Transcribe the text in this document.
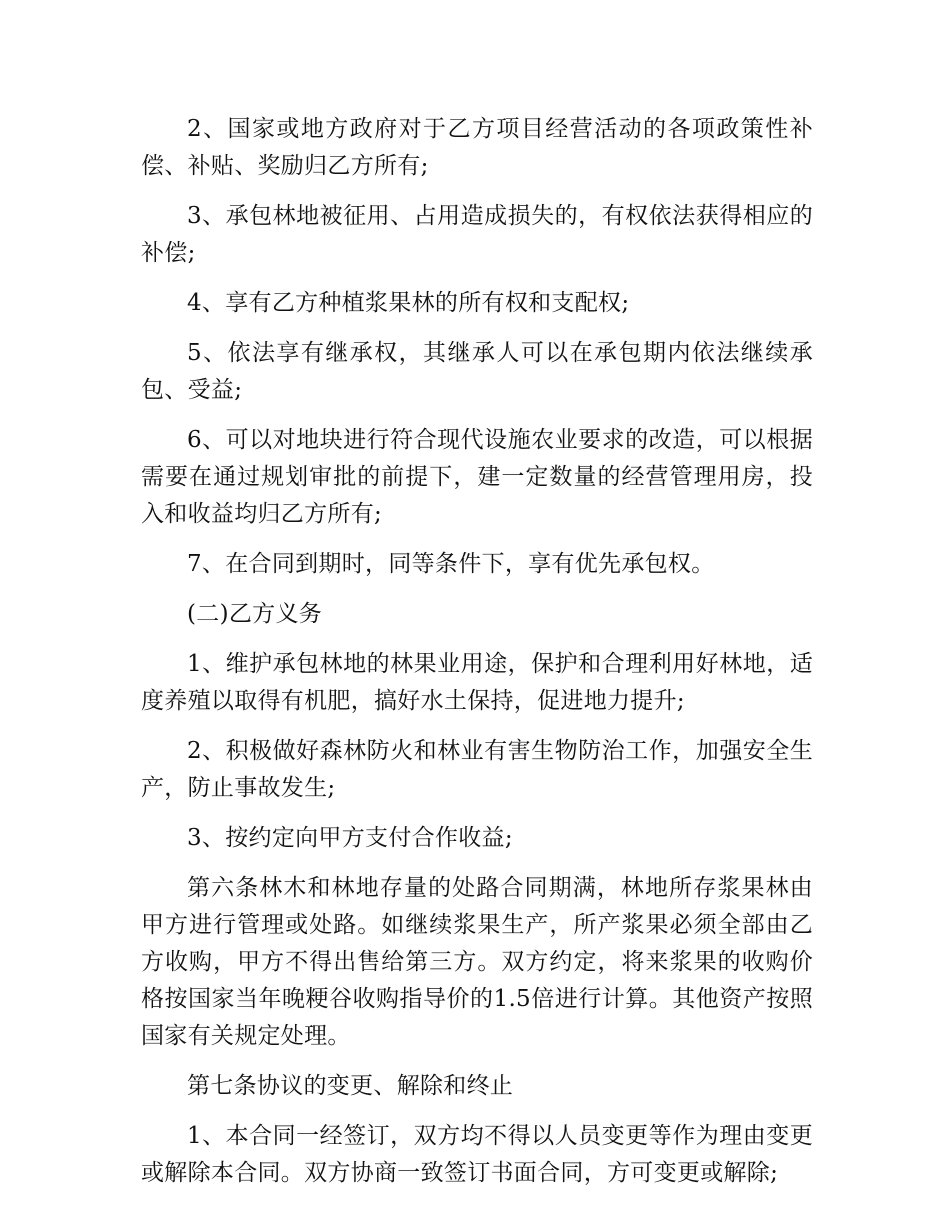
2、国家或地方政府对于乙方项目经营活动的各项政策性补偿、补贴、奖励归乙方所有;

3、承包林地被征用、占用造成损失的，有权依法获得相应的补偿;

4、享有乙方种植浆果林的所有权和支配权;

5、依法享有继承权，其继承人可以在承包期内依法继续承包、受益;

6、可以对地块进行符合现代设施农业要求的改造，可以根据需要在通过规划审批的前提下，建一定数量的经营管理用房，投入和收益均归乙方所有;

7、在合同到期时，同等条件下，享有优先承包权。

(二)乙方义务

1、维护承包林地的林果业用途，保护和合理利用好林地，适度养殖以取得有机肥，搞好水土保持，促进地力提升;

2、积极做好森林防火和林业有害生物防治工作，加强安全生产，防止事故发生;

3、按约定向甲方支付合作收益;

第六条林木和林地存量的处路合同期满，林地所存浆果林由甲方进行管理或处路。如继续浆果生产，所产浆果必须全部由乙方收购，甲方不得出售给第三方。双方约定，将来浆果的收购价格按国家当年晚粳谷收购指导价的1.5倍进行计算。其他资产按照国家有关规定处理。

第七条协议的变更、解除和终止

1、本合同一经签订，双方均不得以人员变更等作为理由变更或解除本合同。双方协商一致签订书面合同，方可变更或解除;
